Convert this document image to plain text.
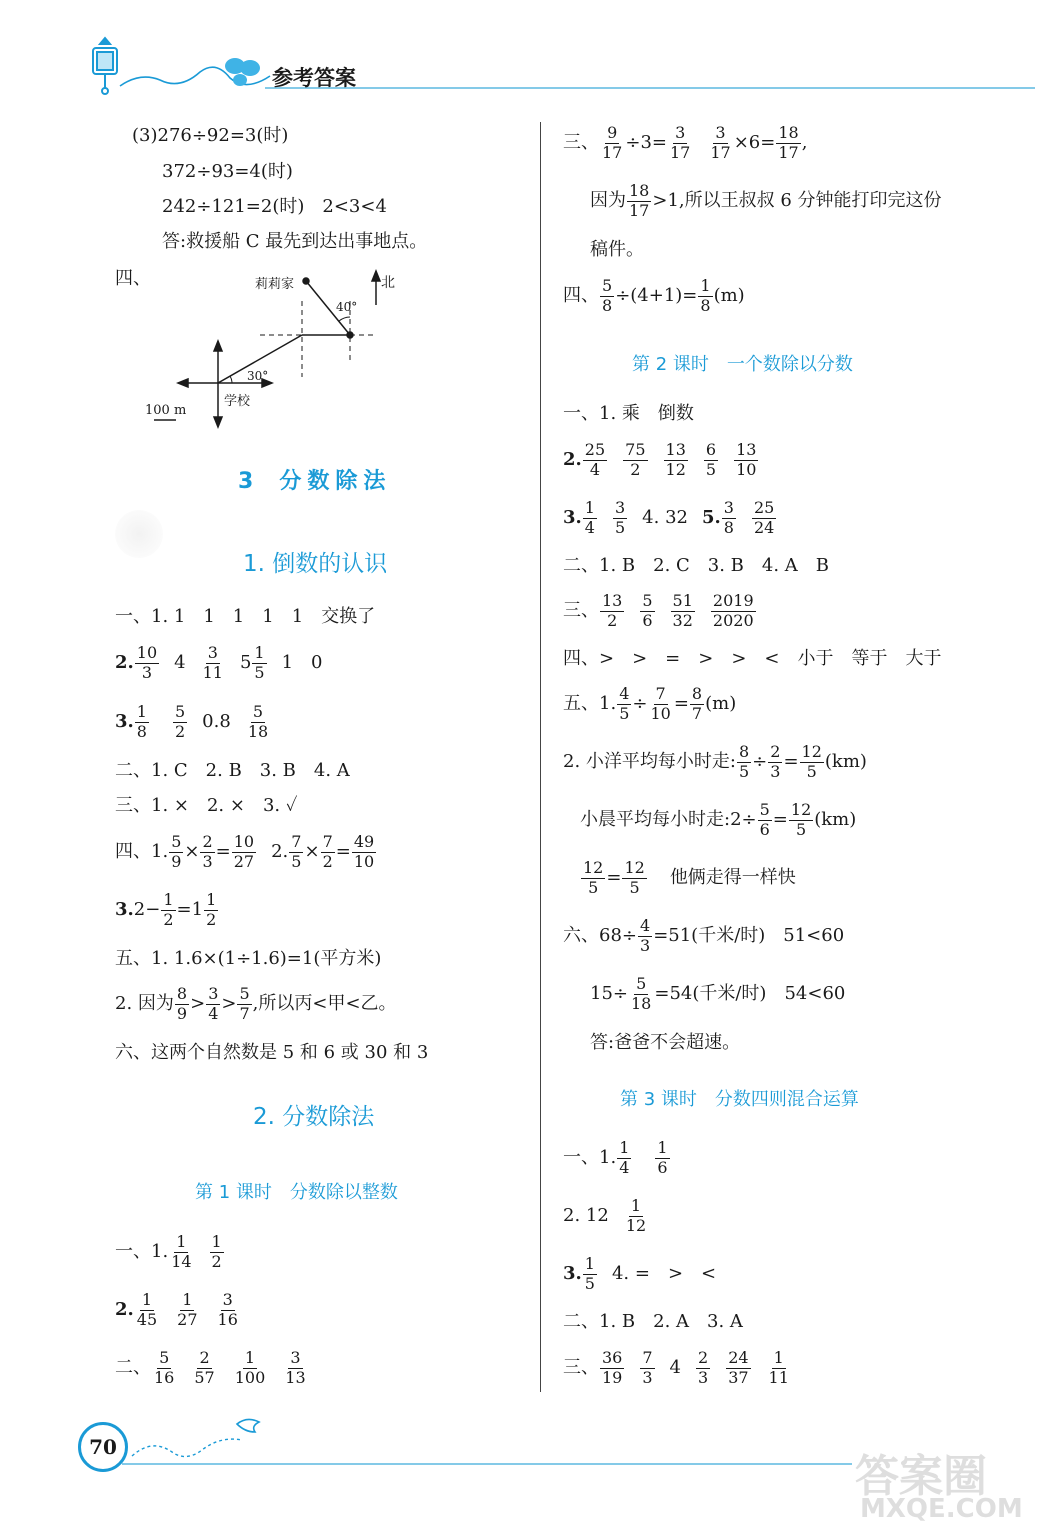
参考答案
(3)276÷92=3(时)
372÷93=4(时)
242÷121=2(时)　2<3<4
答:救援船 C 最先到达出事地点。
四、	莉莉家	北
40°
30°
学校
100 m
3 分数除法
1. 倒数的认识
一、1. 1　1　1　1　1　交换了
2. $\frac{10}{3} 4 \frac{3}{11} 5 \frac{1}{5} 1$　0
3. $\frac{1}{8} \frac{5}{2} 0.8 \frac{5}{18}$
二、1. C　2. B　3. B　4. A
三、1. ×　2. ×　3. ✓
四、1. $\frac{5}{9} \times \frac{2}{3} = \frac{10}{27} 2$. $\frac{7}{5} \times \frac{7}{2} = \frac{49}{10}$
3. $2- \frac{1}{2} =1 \frac{1}{2}$
五、1. 1.6×(1÷1.6)=1(平方米)
2. 因为 $\frac{8}{9} > \frac{3}{4} > \frac{5}{7}$ ,所以丙<甲<乙。
六、这两个自然数是 5 和 6 或 30 和 3
2. 分数除法
第 1 课时　分数除以整数
一、1. $\frac{1}{14} \frac{1}{2}$
2. $\frac{1}{45} \frac{1}{27} \frac{3}{16}$
二、 $\frac{5}{16} \frac{2}{57} \frac{1}{100} \frac{3}{13}$
三、 $\frac{9}{17} \div 3= \frac{3}{17} \frac{3}{17} \times 6= \frac{18}{17}$ ,
因为 $\frac{18}{17} >1$,所以王叔叔 6 分钟能打印完这份
稿件。
四、 $\frac{5}{8} \div(4+1)= \frac{1}{8} (m)$
第 2 课时　一个数除以分数
一、1. 乘　倒数
2. $\frac{25}{4} \frac{75}{2} \frac{13}{12} \frac{6}{5} \frac{13}{10}$
3. $\frac{1}{4} \frac{3}{5} 4$. 32 5. $\frac{3}{8} \frac{25}{24}$
二、1. B　2. C　3. B　4. A　B
三、 $\frac{13}{2} \frac{5}{6} \frac{51}{32} \frac{2019}{2020}$
四、>　>　=　>　>　<　小于　等于　大于
五、1. $\frac{4}{5} \div \frac{7}{10} = \frac{8}{7} (m)$
2. 小洋平均每小时走: $\frac{8}{5} \div \frac{2}{3} = \frac{12}{5} (km)$
小晨平均每小时走:2÷ $\frac{5}{6} = \frac{12}{5} (km)$
$\frac{12}{5} = \frac{12}{5}$ 他俩走得一样快
六、$68\div \frac{4}{3} =51$(千米/时)　51<60
$15\div \frac{5}{18} =54$(千米/时)　54<60
答:爸爸不会超速。
第 3 课时　分数四则混合运算
一、1. $\frac{1}{4} \frac{1}{6}$
2. $12 \frac{1}{12}$
3. $\frac{1}{5} 4$. =　>　<
二、1. B　2. A　3. A
三、 $\frac{36}{19} \frac{7}{3} 4 \frac{2}{3} \frac{24}{37} \frac{1}{11}$
70
答案圈
MXQE.COM
